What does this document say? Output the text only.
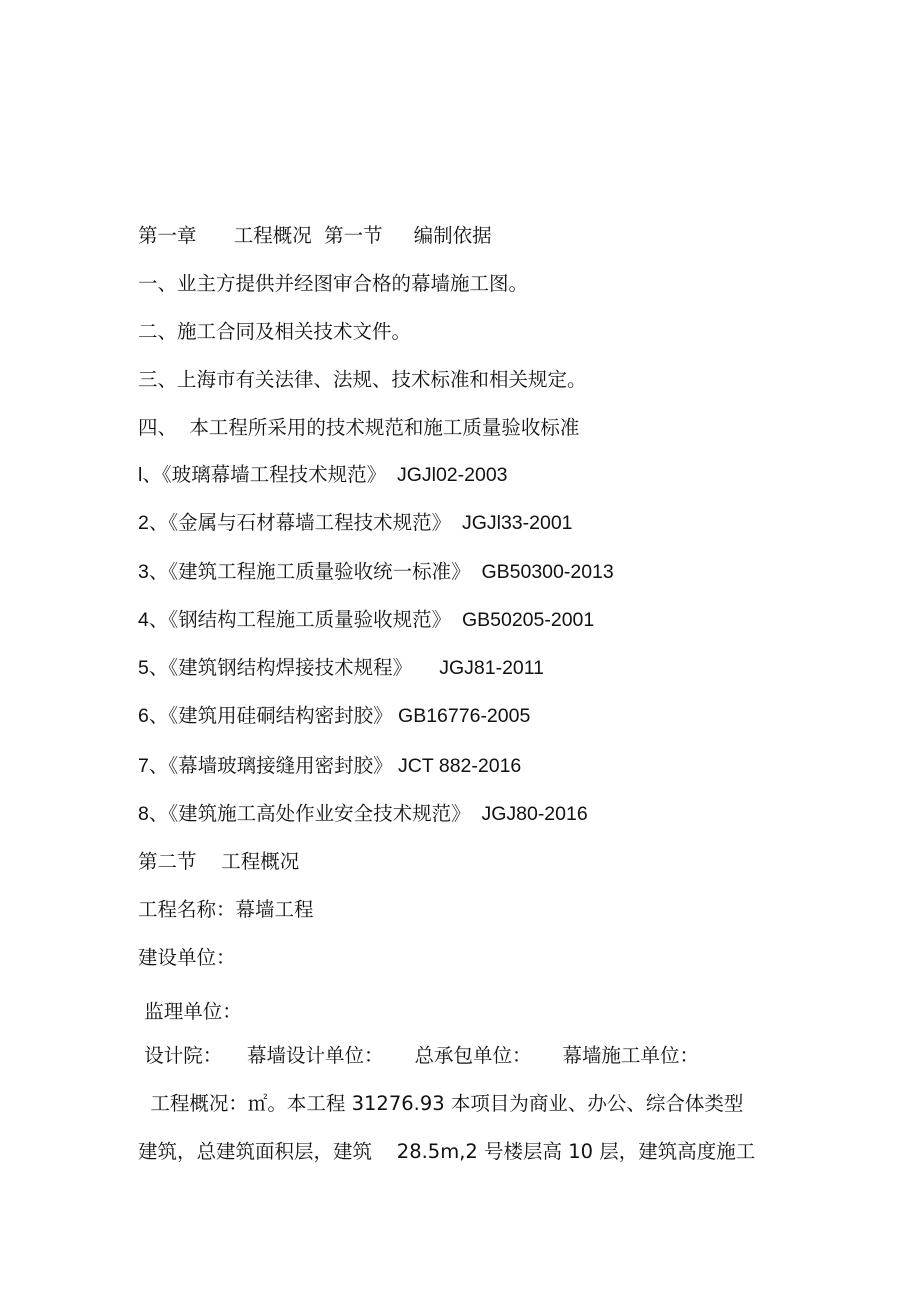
第一章      工程概况  第一节     编制依据
一、业主方提供并经图审合格的幕墙施工图。
二、施工合同及相关技术文件。
三、上海市有关法律、法规、技术标准和相关规定。
四、  本工程所采用的技术规范和施工质量验收标准
l、《玻璃幕墙工程技术规范》  JGJl02-2003
2、《金属与石材幕墙工程技术规范》  JGJl33-2001
3、《建筑工程施工质量验收统一标准》  GB50300-2013
4、《钢结构工程施工质量验收规范》  GB50205-2001
5、《建筑钢结构焊接技术规程》     JGJ81-2011
6、《建筑用硅硐结构密封胶》 GB16776-2005
7、《幕墙玻璃接缝用密封胶》 JCT 882-2016
8、《建筑施工高处作业安全技术规范》  JGJ80-2016
第二节    工程概况
工程名称：幕墙工程
建设单位：
监理单位：
设计院：    幕墙设计单位：     总承包单位：     幕墙施工单位：
工程概况：㎡。本工程 31276.93 本项目为商业、办公、综合体类型
建筑，总建筑面积层，建筑    28.5m,2 号楼层高 10 层，建筑高度施工
